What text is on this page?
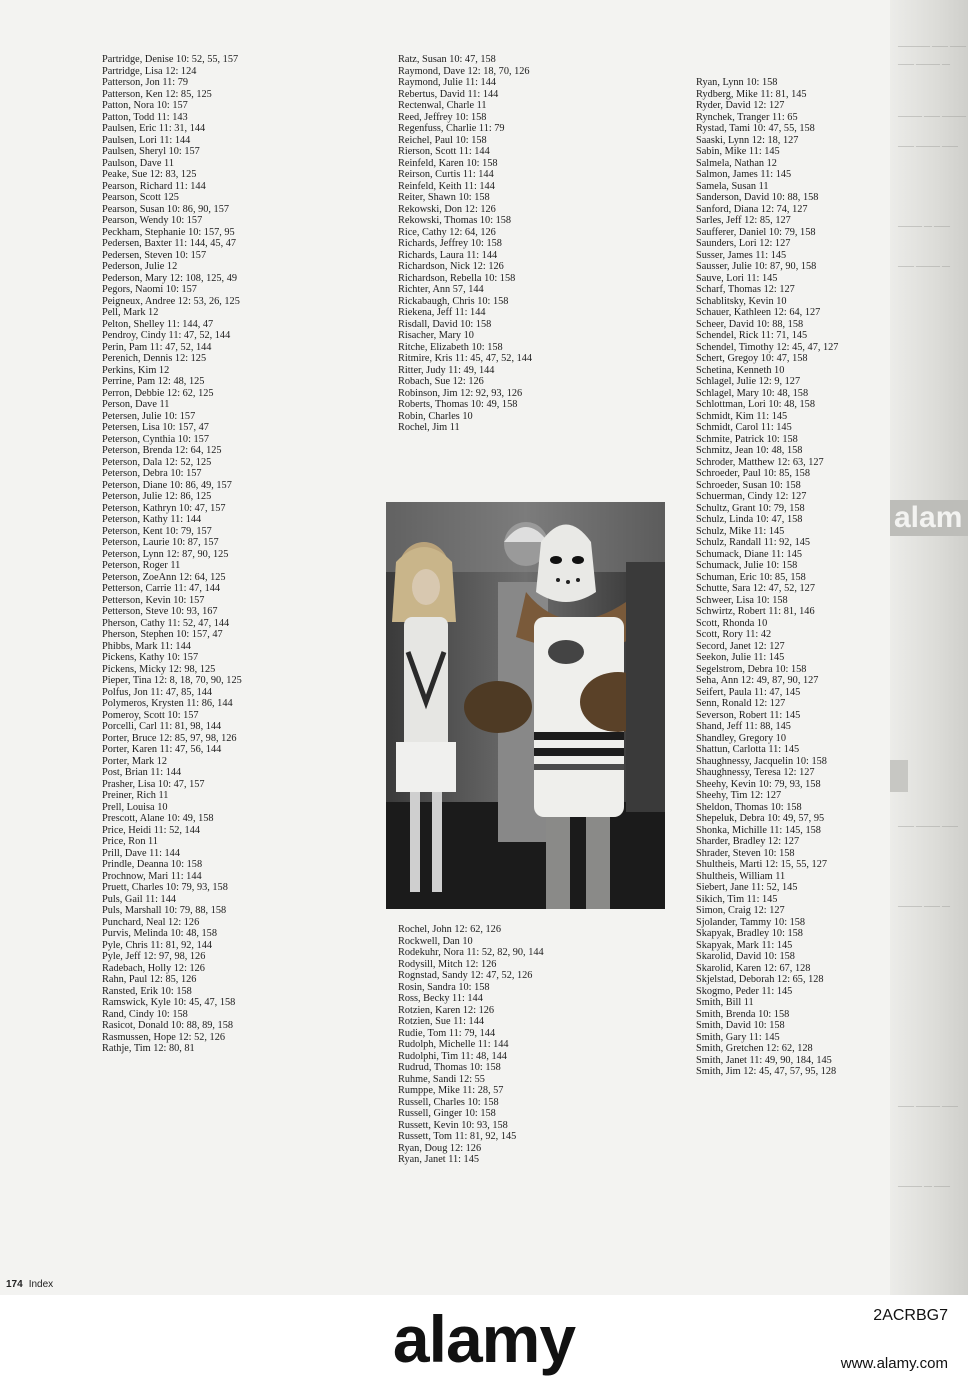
———— —— ——
—— ——— —
——— —— ———
—— ——— ——
——— — ——
—— ——— —
alam
—— ——— ——
——— —— —
—— ——— ——
——— — ——
Partridge, Denise 10: 52, 55, 157
Partridge, Lisa 12: 124
Patterson, Jon 11: 79
Patterson, Ken 12: 85, 125
Patton, Nora 10: 157
Patton, Todd 11: 143
Paulsen, Eric 11: 31, 144
Paulsen, Lori 11: 144
Paulsen, Sheryl 10: 157
Paulson, Dave 11
Peake, Sue 12: 83, 125
Pearson, Richard 11: 144
Pearson, Scott 125
Pearson, Susan 10: 86, 90, 157
Pearson, Wendy 10: 157
Peckham, Stephanie 10: 157, 95
Pedersen, Baxter 11: 144, 45, 47
Pedersen, Steven 10: 157
Pederson, Julie 12
Pederson, Mary 12: 108, 125, 49
Pegors, Naomi 10: 157
Peigneux, Andree 12: 53, 26, 125
Pell, Mark 12
Pelton, Shelley 11: 144, 47
Pendroy, Cindy 11: 47, 52, 144
Perin, Pam 11: 47, 52, 144
Perenich, Dennis 12: 125
Perkins, Kim 12
Perrine, Pam 12: 48, 125
Perron, Debbie 12: 62, 125
Person, Dave 11
Petersen, Julie 10: 157
Petersen, Lisa 10: 157, 47
Peterson, Cynthia 10: 157
Peterson, Brenda 12: 64, 125
Peterson, Dala 12: 52, 125
Peterson, Debra 10: 157
Peterson, Diane 10: 86, 49, 157
Peterson, Julie 12: 86, 125
Peterson, Kathryn 10: 47, 157
Peterson, Kathy 11: 144
Peterson, Kent 10: 79, 157
Peterson, Laurie 10: 87, 157
Peterson, Lynn 12: 87, 90, 125
Peterson, Roger 11
Peterson, ZoeAnn 12: 64, 125
Petterson, Carrie 11: 47, 144
Petterson, Kevin 10: 157
Petterson, Steve 10: 93, 167
Pherson, Cathy 11: 52, 47, 144
Pherson, Stephen 10: 157, 47
Phibbs, Mark 11: 144
Pickens, Kathy 10: 157
Pickens, Micky 12: 98, 125
Pieper, Tina 12: 8, 18, 70, 90, 125
Polfus, Jon 11: 47, 85, 144
Polymeros, Krysten 11: 86, 144
Pomeroy, Scott 10: 157
Porcelli, Carl 11: 81, 98, 144
Porter, Bruce 12: 85, 97, 98, 126
Porter, Karen 11: 47, 56, 144
Porter, Mark 12
Post, Brian 11: 144
Prasher, Lisa 10: 47, 157
Preiner, Rich 11
Prell, Louisa 10
Prescott, Alane 10: 49, 158
Price, Heidi 11: 52, 144
Price, Ron 11
Prill, Dave 11: 144
Prindle, Deanna 10: 158
Prochnow, Mari 11: 144
Pruett, Charles 10: 79, 93, 158
Puls, Gail 11: 144
Puls, Marshall 10: 79, 88, 158
Punchard, Neal 12: 126
Purvis, Melinda 10: 48, 158
Pyle, Chris 11: 81, 92, 144
Pyle, Jeff 12: 97, 98, 126
Radebach, Holly 12: 126
Rahn, Paul 12: 85, 126
Ransted, Erik 10: 158
Ramswick, Kyle 10: 45, 47, 158
Rand, Cindy 10: 158
Rasicot, Donald 10: 88, 89, 158
Rasmussen, Hope 12: 52, 126
Rathje, Tim 12: 80, 81
Ratz, Susan 10: 47, 158
Raymond, Dave 12: 18, 70, 126
Raymond, Julie 11: 144
Rebertus, David 11: 144
Rectenwal, Charle 11
Reed, Jeffrey 10: 158
Regenfuss, Charlie 11: 79
Reichel, Paul 10: 158
Rierson, Scott 11: 144
Reinfeld, Karen 10: 158
Reirson, Curtis 11: 144
Reinfeld, Keith 11: 144
Reiter, Shawn 10: 158
Rekowski, Don 12: 126
Rekowski, Thomas 10: 158
Rice, Cathy 12: 64, 126
Richards, Jeffrey 10: 158
Richards, Laura 11: 144
Richardson, Nick 12: 126
Richardson, Rebella 10: 158
Richter, Ann 57, 144
Rickabaugh, Chris 10: 158
Riekena, Jeff 11: 144
Risdall, David 10: 158
Risacher, Mary 10
Ritche, Elizabeth 10: 158
Ritmire, Kris 11: 45, 47, 52, 144
Ritter, Judy 11: 49, 144
Robach, Sue 12: 126
Robinson, Jim 12: 92, 93, 126
Roberts, Thomas 10: 49, 158
Robin, Charles 10
Rochel, Jim 11
Rochel, John 12: 62, 126
Rockwell, Dan 10
Rodekuhr, Nora 11: 52, 82, 90, 144
Rodysill, Mitch 12: 126
Rognstad, Sandy 12: 47, 52, 126
Rosin, Sandra 10: 158
Ross, Becky 11: 144
Rotzien, Karen 12: 126
Rotzien, Sue 11: 144
Rudie, Tom 11: 79, 144
Rudolph, Michelle 11: 144
Rudolphi, Tim 11: 48, 144
Rudrud, Thomas 10: 158
Ruhme, Sandi 12: 55
Rumppe, Mike 11: 28, 57
Russell, Charles 10: 158
Russell, Ginger 10: 158
Russett, Kevin 10: 93, 158
Russett, Tom 11: 81, 92, 145
Ryan, Doug 12: 126
Ryan, Janet 11: 145
Ryan, Lynn 10: 158
Rydberg, Mike 11: 81, 145
Ryder, David 12: 127
Rynchek, Tranger 11: 65
Rystad, Tami 10: 47, 55, 158
Saaski, Lynn 12: 18, 127
Sabin, Mike 11: 145
Salmela, Nathan 12
Salmon, James 11: 145
Samela, Susan 11
Sanderson, David 10: 88, 158
Sanford, Diana 12: 74, 127
Sarles, Jeff 12: 85, 127
Saufferer, Daniel 10: 79, 158
Saunders, Lori 12: 127
Susser, James 11: 145
Sausser, Julie 10: 87, 90, 158
Sauve, Lori 11: 145
Scharf, Thomas 12: 127
Schablitsky, Kevin 10
Schauer, Kathleen 12: 64, 127
Scheer, David 10: 88, 158
Schendel, Rick 11: 71, 145
Schendel, Timothy 12: 45, 47, 127
Schert, Gregoy 10: 47, 158
Schetina, Kenneth 10
Schlagel, Julie 12: 9, 127
Schlagel, Mary 10: 48, 158
Schlottman, Lori 10: 48, 158
Schmidt, Kim 11: 145
Schmidt, Carol 11: 145
Schmite, Patrick 10: 158
Schmitz, Jean 10: 48, 158
Schroder, Matthew 12: 63, 127
Schroeder, Paul 10: 85, 158
Schroeder, Susan 10: 158
Schuerman, Cindy 12: 127
Schultz, Grant 10: 79, 158
Schulz, Linda 10: 47, 158
Schulz, Mike 11: 145
Schulz, Randall 11: 92, 145
Schumack, Diane 11: 145
Schumack, Julie 10: 158
Schuman, Eric 10: 85, 158
Schutte, Sara 12: 47, 52, 127
Schweer, Lisa 10: 158
Schwirtz, Robert 11: 81, 146
Scott, Rhonda 10
Scott, Rory 11: 42
Secord, Janet 12: 127
Seekon, Julie 11: 145
Segelstrom, Debra 10: 158
Seha, Ann 12: 49, 87, 90, 127
Seifert, Paula 11: 47, 145
Senn, Ronald 12: 127
Severson, Robert 11: 145
Shand, Jeff 11: 88, 145
Shandley, Gregory 10
Shattun, Carlotta 11: 145
Shaughnessy, Jacquelin 10: 158
Shaughnessy, Teresa 12: 127
Sheehy, Kevin 10: 79, 93, 158
Sheehy, Tim 12: 127
Sheldon, Thomas 10: 158
Shepeluk, Debra 10: 49, 57, 95
Shonka, Michille 11: 145, 158
Sharder, Bradley 12: 127
Shrader, Steven 10: 158
Shultheis, Marti 12: 15, 55, 127
Shultheis, William 11
Siebert, Jane 11: 52, 145
Sikich, Tim 11: 145
Simon, Craig 12: 127
Sjolander, Tammy 10: 158
Skapyak, Bradley 10: 158
Skapyak, Mark 11: 145
Skarolid, David 10: 158
Skarolid, Karen 12: 67, 128
Skjelstad, Deborah 12: 65, 128
Skogmo, Peder 11: 145
Smith, Bill 11
Smith, Brenda 10: 158
Smith, David 10: 158
Smith, Gary 11: 145
Smith, Gretchen 12: 62, 128
Smith, Janet 11: 49, 90, 184, 145
Smith, Jim 12: 45, 47, 57, 95, 128
174 Index
alamy	2ACRBG7
www.alamy.com
